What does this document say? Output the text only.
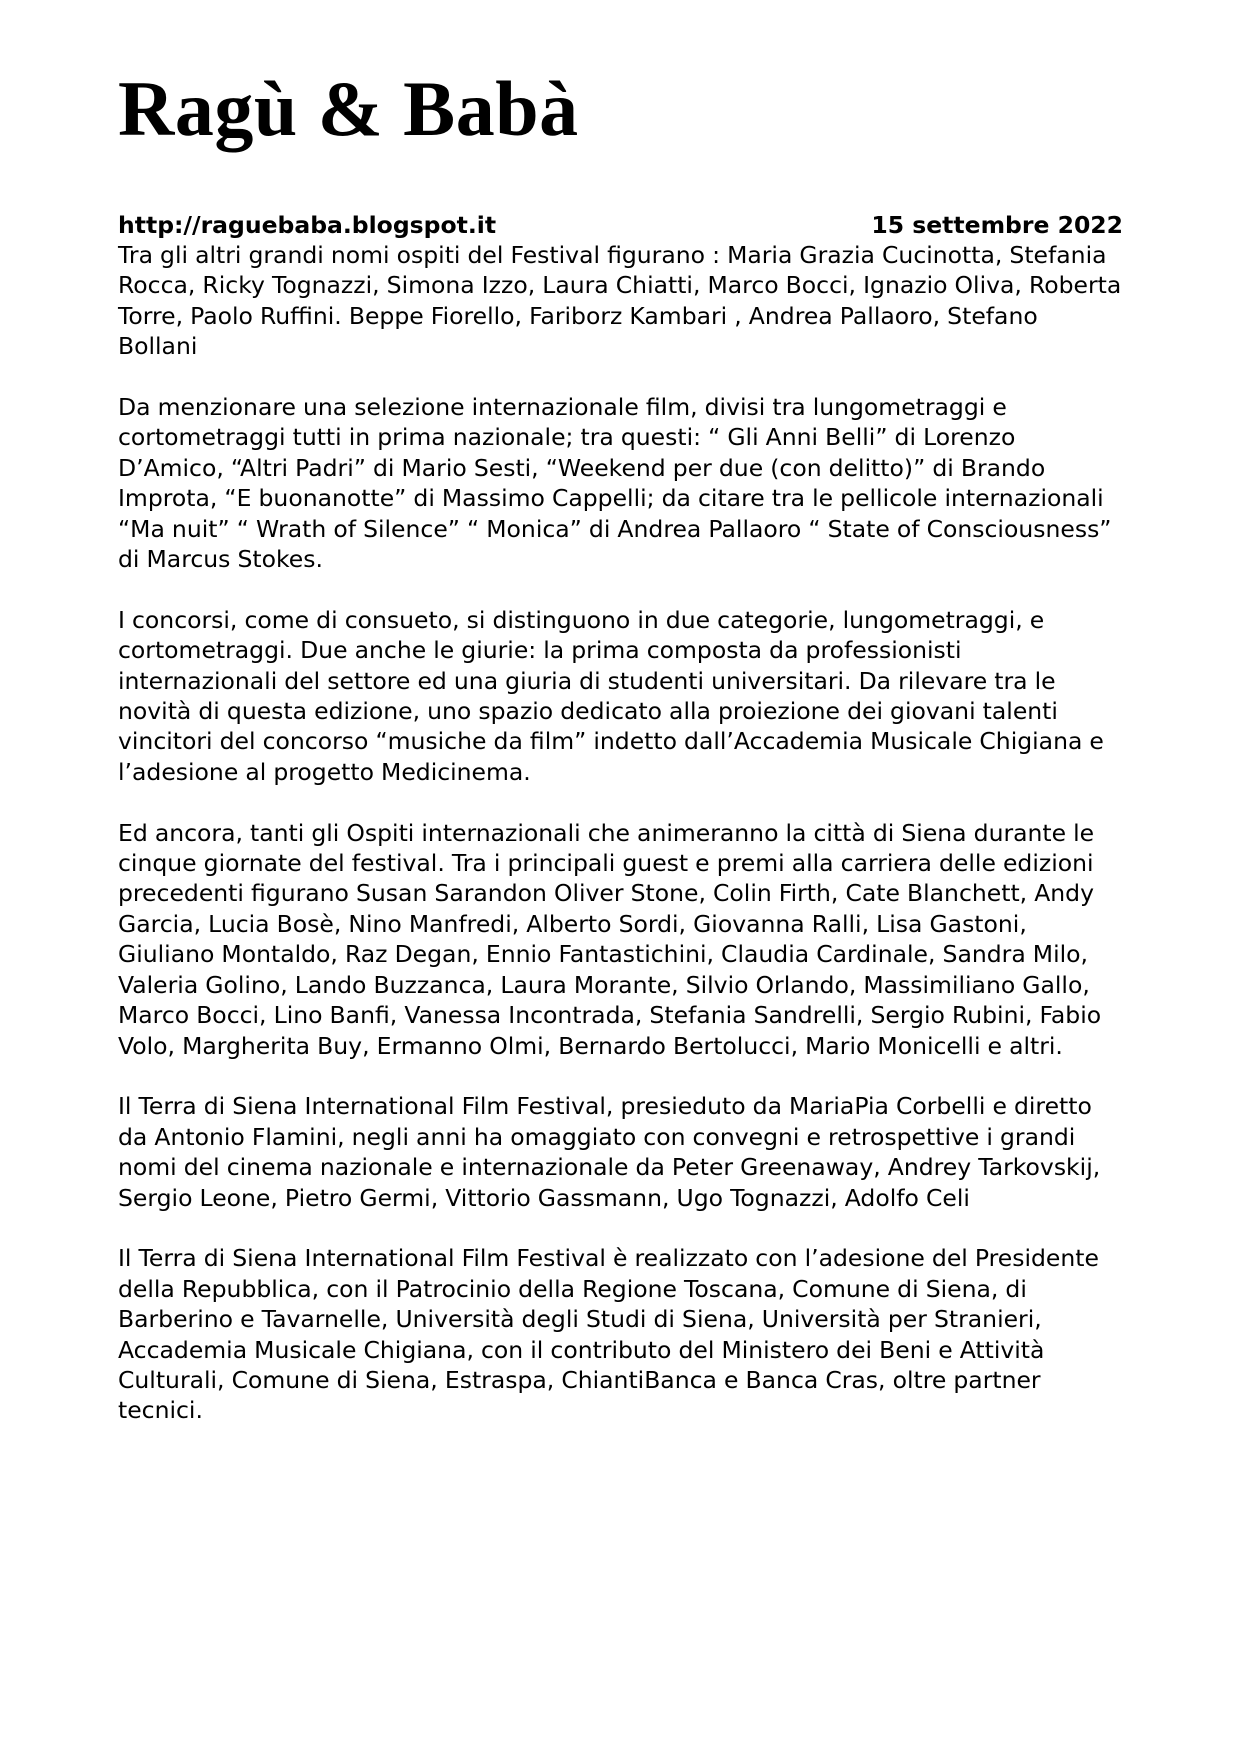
Ragù & Babà
http://raguebaba.blogspot.it	15 settembre 2022

Tra gli altri grandi nomi ospiti del Festival figurano : Maria Grazia Cucinotta, Stefania Rocca, Ricky Tognazzi, Simona Izzo, Laura Chiatti, Marco Bocci, Ignazio Oliva, Roberta Torre, Paolo Ruffini. Beppe Fiorello, Fariborz Kambari , Andrea Pallaoro, Stefano Bollani

Da menzionare una selezione internazionale film, divisi tra lungometraggi e cortometraggi tutti in prima nazionale; tra questi: “ Gli Anni Belli” di Lorenzo D’Amico, “Altri Padri” di Mario Sesti, “Weekend per due (con delitto)” di Brando Improta, “E buonanotte” di Massimo Cappelli; da citare tra le pellicole internazionali “Ma nuit” “ Wrath of Silence” “ Monica” di Andrea Pallaoro “ State of Consciousness” di Marcus Stokes.

I concorsi, come di consueto, si distinguono in due categorie, lungometraggi, e cortometraggi. Due anche le giurie: la prima composta da professionisti internazionali del settore ed una giuria di studenti universitari. Da rilevare tra le novità di questa edizione, uno spazio dedicato alla proiezione dei giovani talenti vincitori del concorso “musiche da film” indetto dall’Accademia Musicale Chigiana e l’adesione al progetto Medicinema.

Ed ancora, tanti gli Ospiti internazionali che animeranno la città di Siena durante le cinque giornate del festival. Tra i principali guest e premi alla carriera delle edizioni precedenti figurano Susan Sarandon Oliver Stone, Colin Firth, Cate Blanchett, Andy Garcia, Lucia Bosè, Nino Manfredi, Alberto Sordi, Giovanna Ralli, Lisa Gastoni, Giuliano Montaldo, Raz Degan, Ennio Fantastichini, Claudia Cardinale, Sandra Milo, Valeria Golino, Lando Buzzanca, Laura Morante, Silvio Orlando, Massimiliano Gallo, Marco Bocci, Lino Banfi, Vanessa Incontrada, Stefania Sandrelli, Sergio Rubini, Fabio Volo, Margherita Buy, Ermanno Olmi, Bernardo Bertolucci, Mario Monicelli e altri.

Il Terra di Siena International Film Festival, presieduto da MariaPia Corbelli e diretto da Antonio Flamini, negli anni ha omaggiato con convegni e retrospettive i grandi nomi del cinema nazionale e internazionale da Peter Greenaway, Andrey Tarkovskij, Sergio Leone, Pietro Germi, Vittorio Gassmann, Ugo Tognazzi, Adolfo Celi

Il Terra di Siena International Film Festival è realizzato con l’adesione del Presidente della Repubblica, con il Patrocinio della Regione Toscana, Comune di Siena, di Barberino e Tavarnelle, Università degli Studi di Siena, Università per Stranieri, Accademia Musicale Chigiana, con il contributo del Ministero dei Beni e Attività Culturali, Comune di Siena, Estraspa, ChiantiBanca e Banca Cras, oltre partner tecnici.
